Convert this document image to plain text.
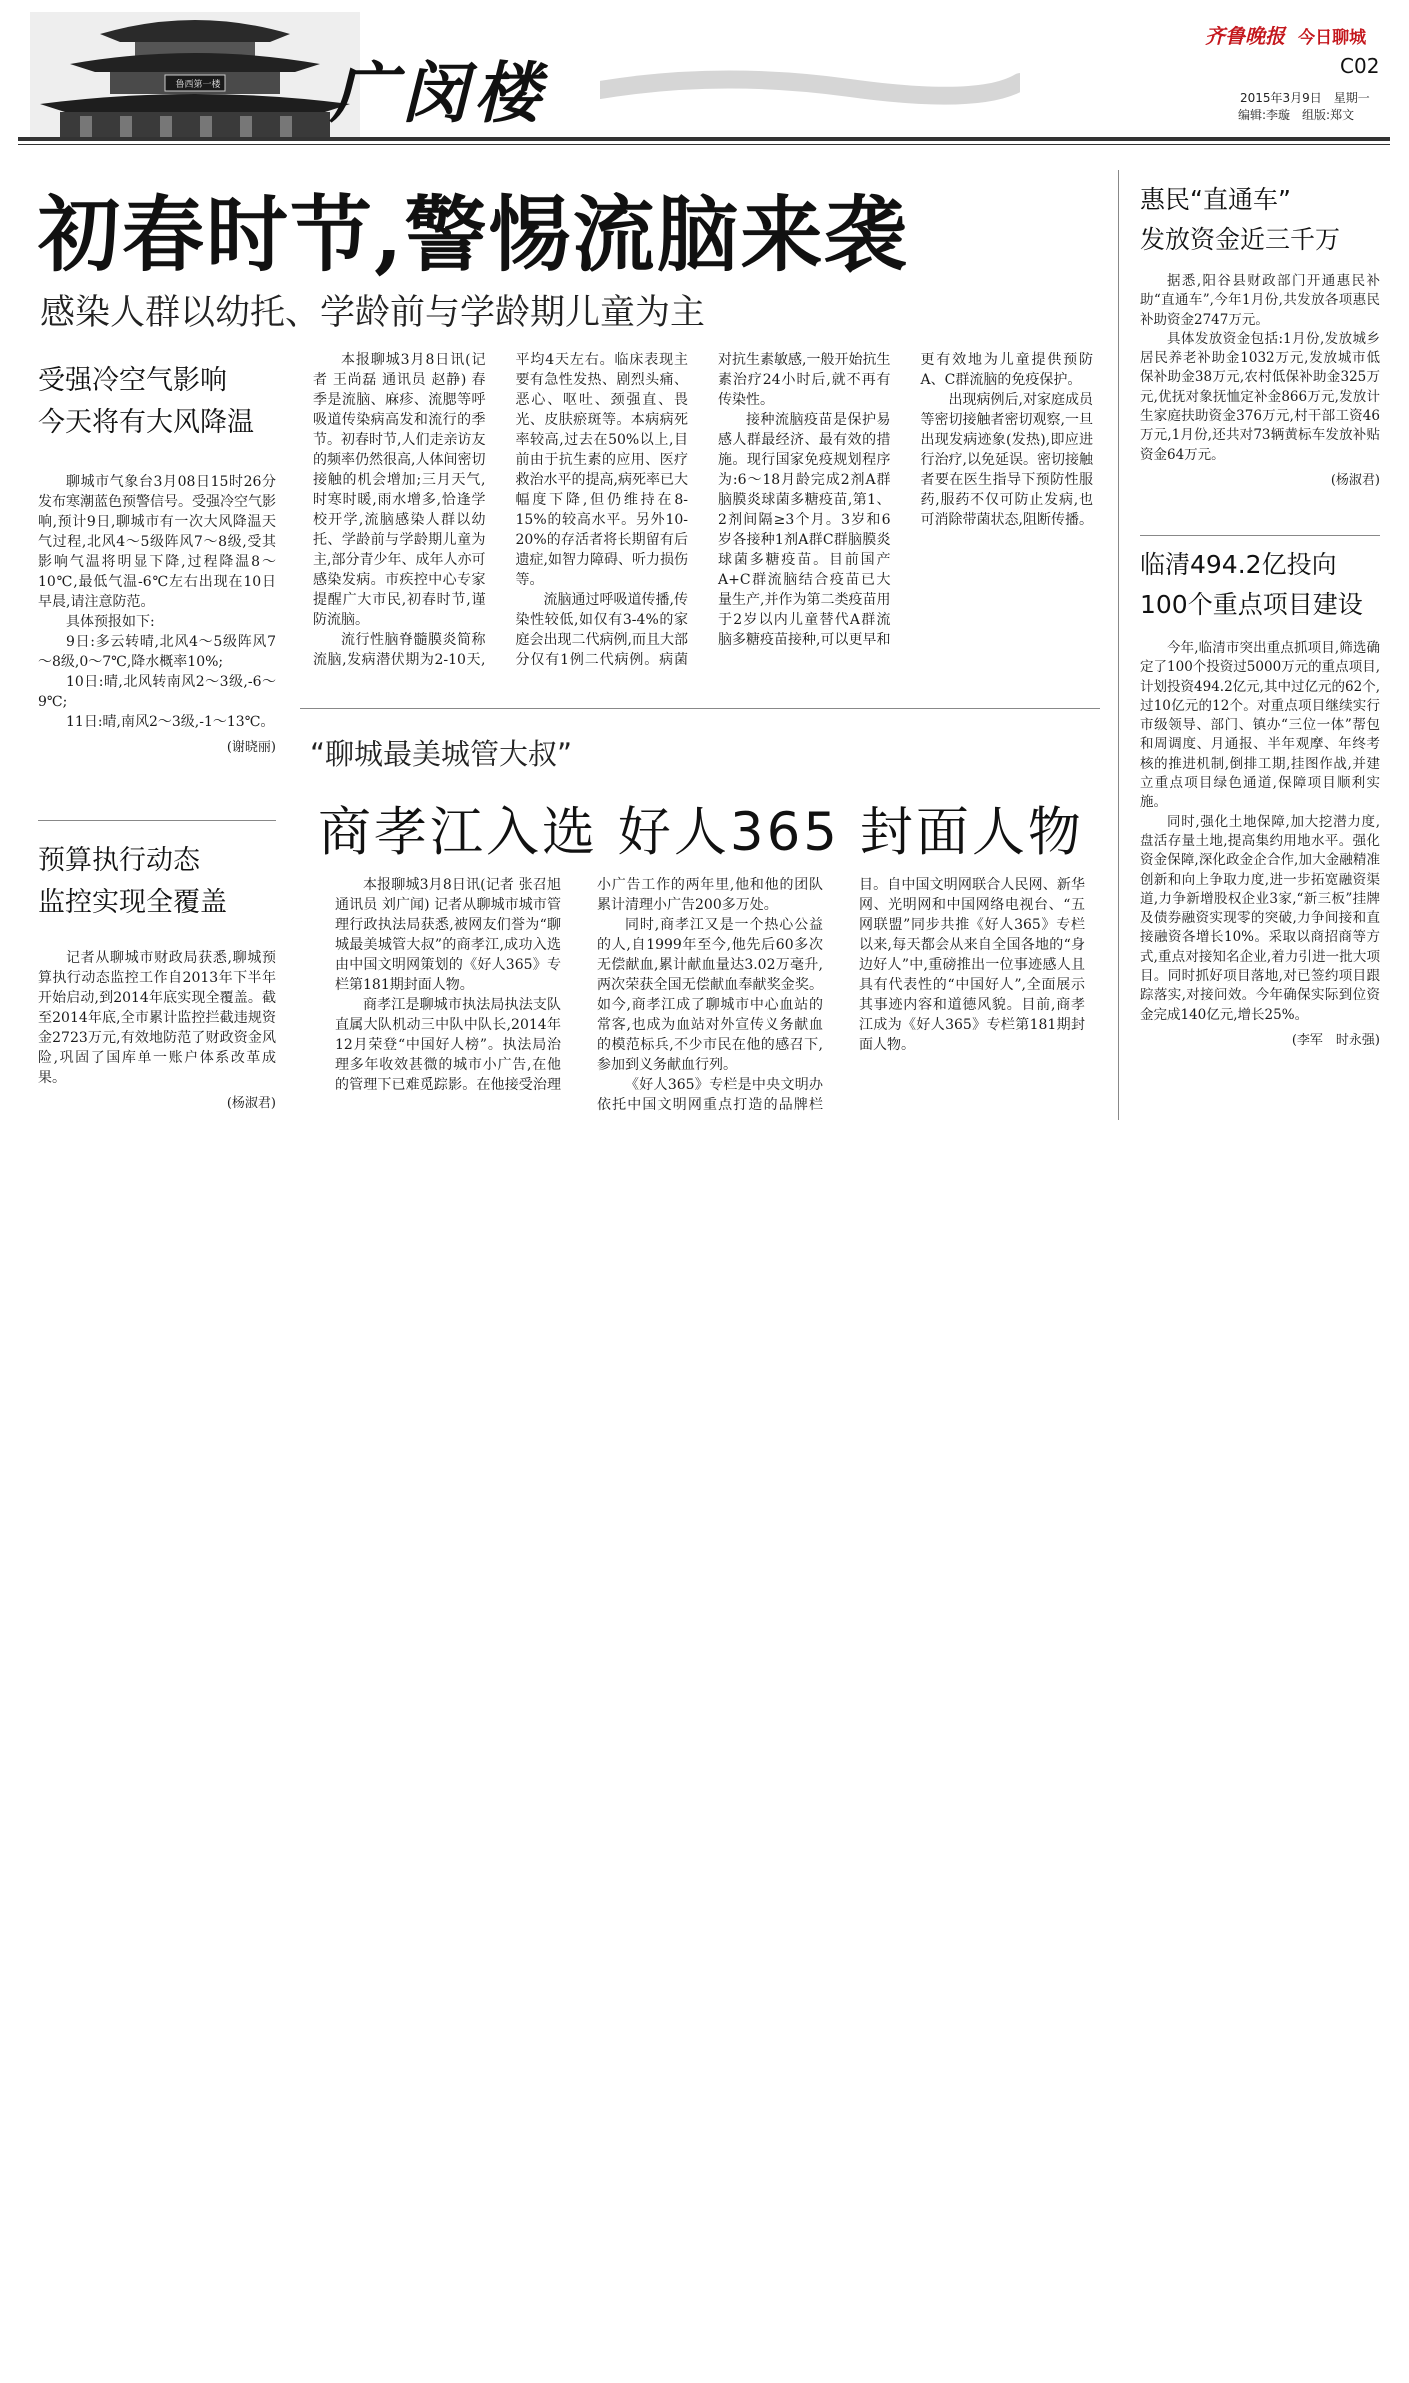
鲁西第一楼 广闵楼
齐鲁晚报 今日聊城
C02
2015年3月9日　星期一
编辑:李璇　组版:郑文
初春时节,警惕流脑来袭
感染人群以幼托、学龄前与学龄期儿童为主

本报聊城3月8日讯(记者 王尚磊 通讯员 赵静) 春季是流脑、麻疹、流腮等呼吸道传染病高发和流行的季节。初春时节,人们走亲访友的频率仍然很高,人体间密切接触的机会增加;三月天气,时寒时暖,雨水增多,恰逢学校开学,流脑感染人群以幼托、学龄前与学龄期儿童为主,部分青少年、成年人亦可感染发病。市疾控中心专家提醒广大市民,初春时节,谨防流脑。

流行性脑脊髓膜炎简称流脑,发病潜伏期为2-10天,平均4天左右。临床表现主要有急性发热、剧烈头痛、恶心、呕吐、颈强直、畏光、皮肤瘀斑等。本病病死率较高,过去在50%以上,目前由于抗生素的应用、医疗救治水平的提高,病死率已大幅度下降,但仍维持在8-15%的较高水平。另外10-20%的存活者将长期留有后遗症,如智力障碍、听力损伤等。

流脑通过呼吸道传播,传染性较低,如仅有3-4%的家庭会出现二代病例,而且大部分仅有1例二代病例。病菌对抗生素敏感,一般开始抗生素治疗24小时后,就不再有传染性。

接种流脑疫苗是保护易感人群最经济、最有效的措施。现行国家免疫规划程序为:6～18月龄完成2剂A群脑膜炎球菌多糖疫苗,第1、2剂间隔≥3个月。3岁和6岁各接种1剂A群C群脑膜炎球菌多糖疫苗。目前国产A+C群流脑结合疫苗已大量生产,并作为第二类疫苗用于2岁以内儿童替代A群流脑多糖疫苗接种,可以更早和更有效地为儿童提供预防A、C群流脑的免疫保护。

出现病例后,对家庭成员等密切接触者密切观察,一旦出现发病迹象(发热),即应进行治疗,以免延误。密切接触者要在医生指导下预防性服药,服药不仅可防止发病,也可消除带菌状态,阻断传播。

受强冷空气影响
今天将有大风降温

聊城市气象台3月08日15时26分发布寒潮蓝色预警信号。受强冷空气影响,预计9日,聊城市有一次大风降温天气过程,北风4～5级阵风7～8级,受其影响气温将明显下降,过程降温8～10℃,最低气温-6℃左右出现在10日早晨,请注意防范。

具体预报如下:

9日:多云转晴,北风4～5级阵风7～8级,0～7℃,降水概率10%;

10日:晴,北风转南风2～3级,-6～9℃;

11日:晴,南风2～3级,-1～13℃。

(谢晓丽)
预算执行动态
监控实现全覆盖

记者从聊城市财政局获悉,聊城预算执行动态监控工作自2013年下半年开始启动,到2014年底实现全覆盖。截至2014年底,全市累计监控拦截违规资金2723万元,有效地防范了财政资金风险,巩固了国库单一账户体系改革成果。

(杨淑君)
“聊城最美城管大叔”
商孝江入选 好人365 封面人物

本报聊城3月8日讯(记者 张召旭 通讯员 刘广闻) 记者从聊城市城市管理行政执法局获悉,被网友们誉为“聊城最美城管大叔”的商孝江,成功入选由中国文明网策划的《好人365》专栏第181期封面人物。

商孝江是聊城市执法局执法支队直属大队机动三中队中队长,2014年12月荣登“中国好人榜”。执法局治理多年收效甚微的城市小广告,在他的管理下已难觅踪影。在他接受治理小广告工作的两年里,他和他的团队累计清理小广告200多万处。

同时,商孝江又是一个热心公益的人,自1999年至今,他先后60多次无偿献血,累计献血量达3.02万毫升,两次荣获全国无偿献血奉献奖金奖。如今,商孝江成了聊城市中心血站的常客,也成为血站对外宣传义务献血的模范标兵,不少市民在他的感召下,参加到义务献血行列。

《好人365》专栏是中央文明办依托中国文明网重点打造的品牌栏目。自中国文明网联合人民网、新华网、光明网和中国网络电视台、“五网联盟”同步共推《好人365》专栏以来,每天都会从来自全国各地的“身边好人”中,重磅推出一位事迹感人且具有代表性的“中国好人”,全面展示其事迹内容和道德风貌。目前,商孝江成为《好人365》专栏第181期封面人物。

惠民“直通车”
发放资金近三千万

据悉,阳谷县财政部门开通惠民补助“直通车”,今年1月份,共发放各项惠民补助资金2747万元。

具体发放资金包括:1月份,发放城乡居民养老补助金1032万元,发放城市低保补助金38万元,农村低保补助金325万元,优抚对象抚恤定补金866万元,发放计生家庭扶助资金376万元,村干部工资46万元,1月份,还共对73辆黄标车发放补贴资金64万元。

(杨淑君)
临清494.2亿投向
100个重点项目建设

今年,临清市突出重点抓项目,筛选确定了100个投资过5000万元的重点项目,计划投资494.2亿元,其中过亿元的62个,过10亿元的12个。对重点项目继续实行市级领导、部门、镇办“三位一体”帮包和周调度、月通报、半年观摩、年终考核的推进机制,倒排工期,挂图作战,并建立重点项目绿色通道,保障项目顺利实施。

同时,强化土地保障,加大挖潜力度,盘活存量土地,提高集约用地水平。强化资金保障,深化政金企合作,加大金融精准创新和向上争取力度,进一步拓宽融资渠道,力争新增股权企业3家,“新三板”挂牌及债券融资实现零的突破,力争间接和直接融资各增长10%。采取以商招商等方式,重点对接知名企业,着力引进一批大项目。同时抓好项目落地,对已签约项目跟踪落实,对接问效。今年确保实际到位资金完成140亿元,增长25%。

(李军　时永强)
